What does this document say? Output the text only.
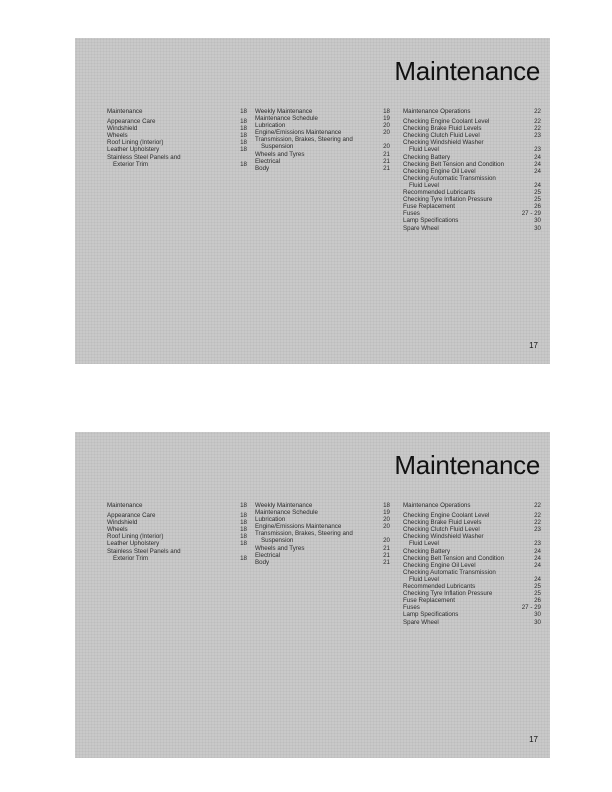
Maintenance
Maintenance	18
Appearance Care	18
Windshield	18
Wheels	18
Roof Lining (Interior)	18
Leather Upholstery	18
Stainless Steel Panels and
Exterior Trim	18
Weekly Maintenance	18
Maintenance Schedule	19
Lubrication	20
Engine/Emissions Maintenance	20
Transmission, Brakes, Steering and
Suspension	20
Wheels and Tyres	21
Electrical	21
Body	21
Maintenance Operations	22
Checking Engine Coolant Level	22
Checking Brake Fluid Levels	22
Checking Clutch Fluid Level	23
Checking Windshield Washer
Fluid Level	23
Checking Battery	24
Checking Belt Tension and Condition	24
Checking Engine Oil Level	24
Checking Automatic Transmission
Fluid Level	24
Recommended Lubricants	25
Checking Tyre Inflation Pressure	25
Fuse Replacement	26
Fuses	27 - 29
Lamp Specifications	30
Spare Wheel	30
17
Maintenance
Maintenance	18
Appearance Care	18
Windshield	18
Wheels	18
Roof Lining (Interior)	18
Leather Upholstery	18
Stainless Steel Panels and
Exterior Trim	18
Weekly Maintenance	18
Maintenance Schedule	19
Lubrication	20
Engine/Emissions Maintenance	20
Transmission, Brakes, Steering and
Suspension	20
Wheels and Tyres	21
Electrical	21
Body	21
Maintenance Operations	22
Checking Engine Coolant Level	22
Checking Brake Fluid Levels	22
Checking Clutch Fluid Level	23
Checking Windshield Washer
Fluid Level	23
Checking Battery	24
Checking Belt Tension and Condition	24
Checking Engine Oil Level	24
Checking Automatic Transmission
Fluid Level	24
Recommended Lubricants	25
Checking Tyre Inflation Pressure	25
Fuse Replacement	26
Fuses	27 - 29
Lamp Specifications	30
Spare Wheel	30
17
